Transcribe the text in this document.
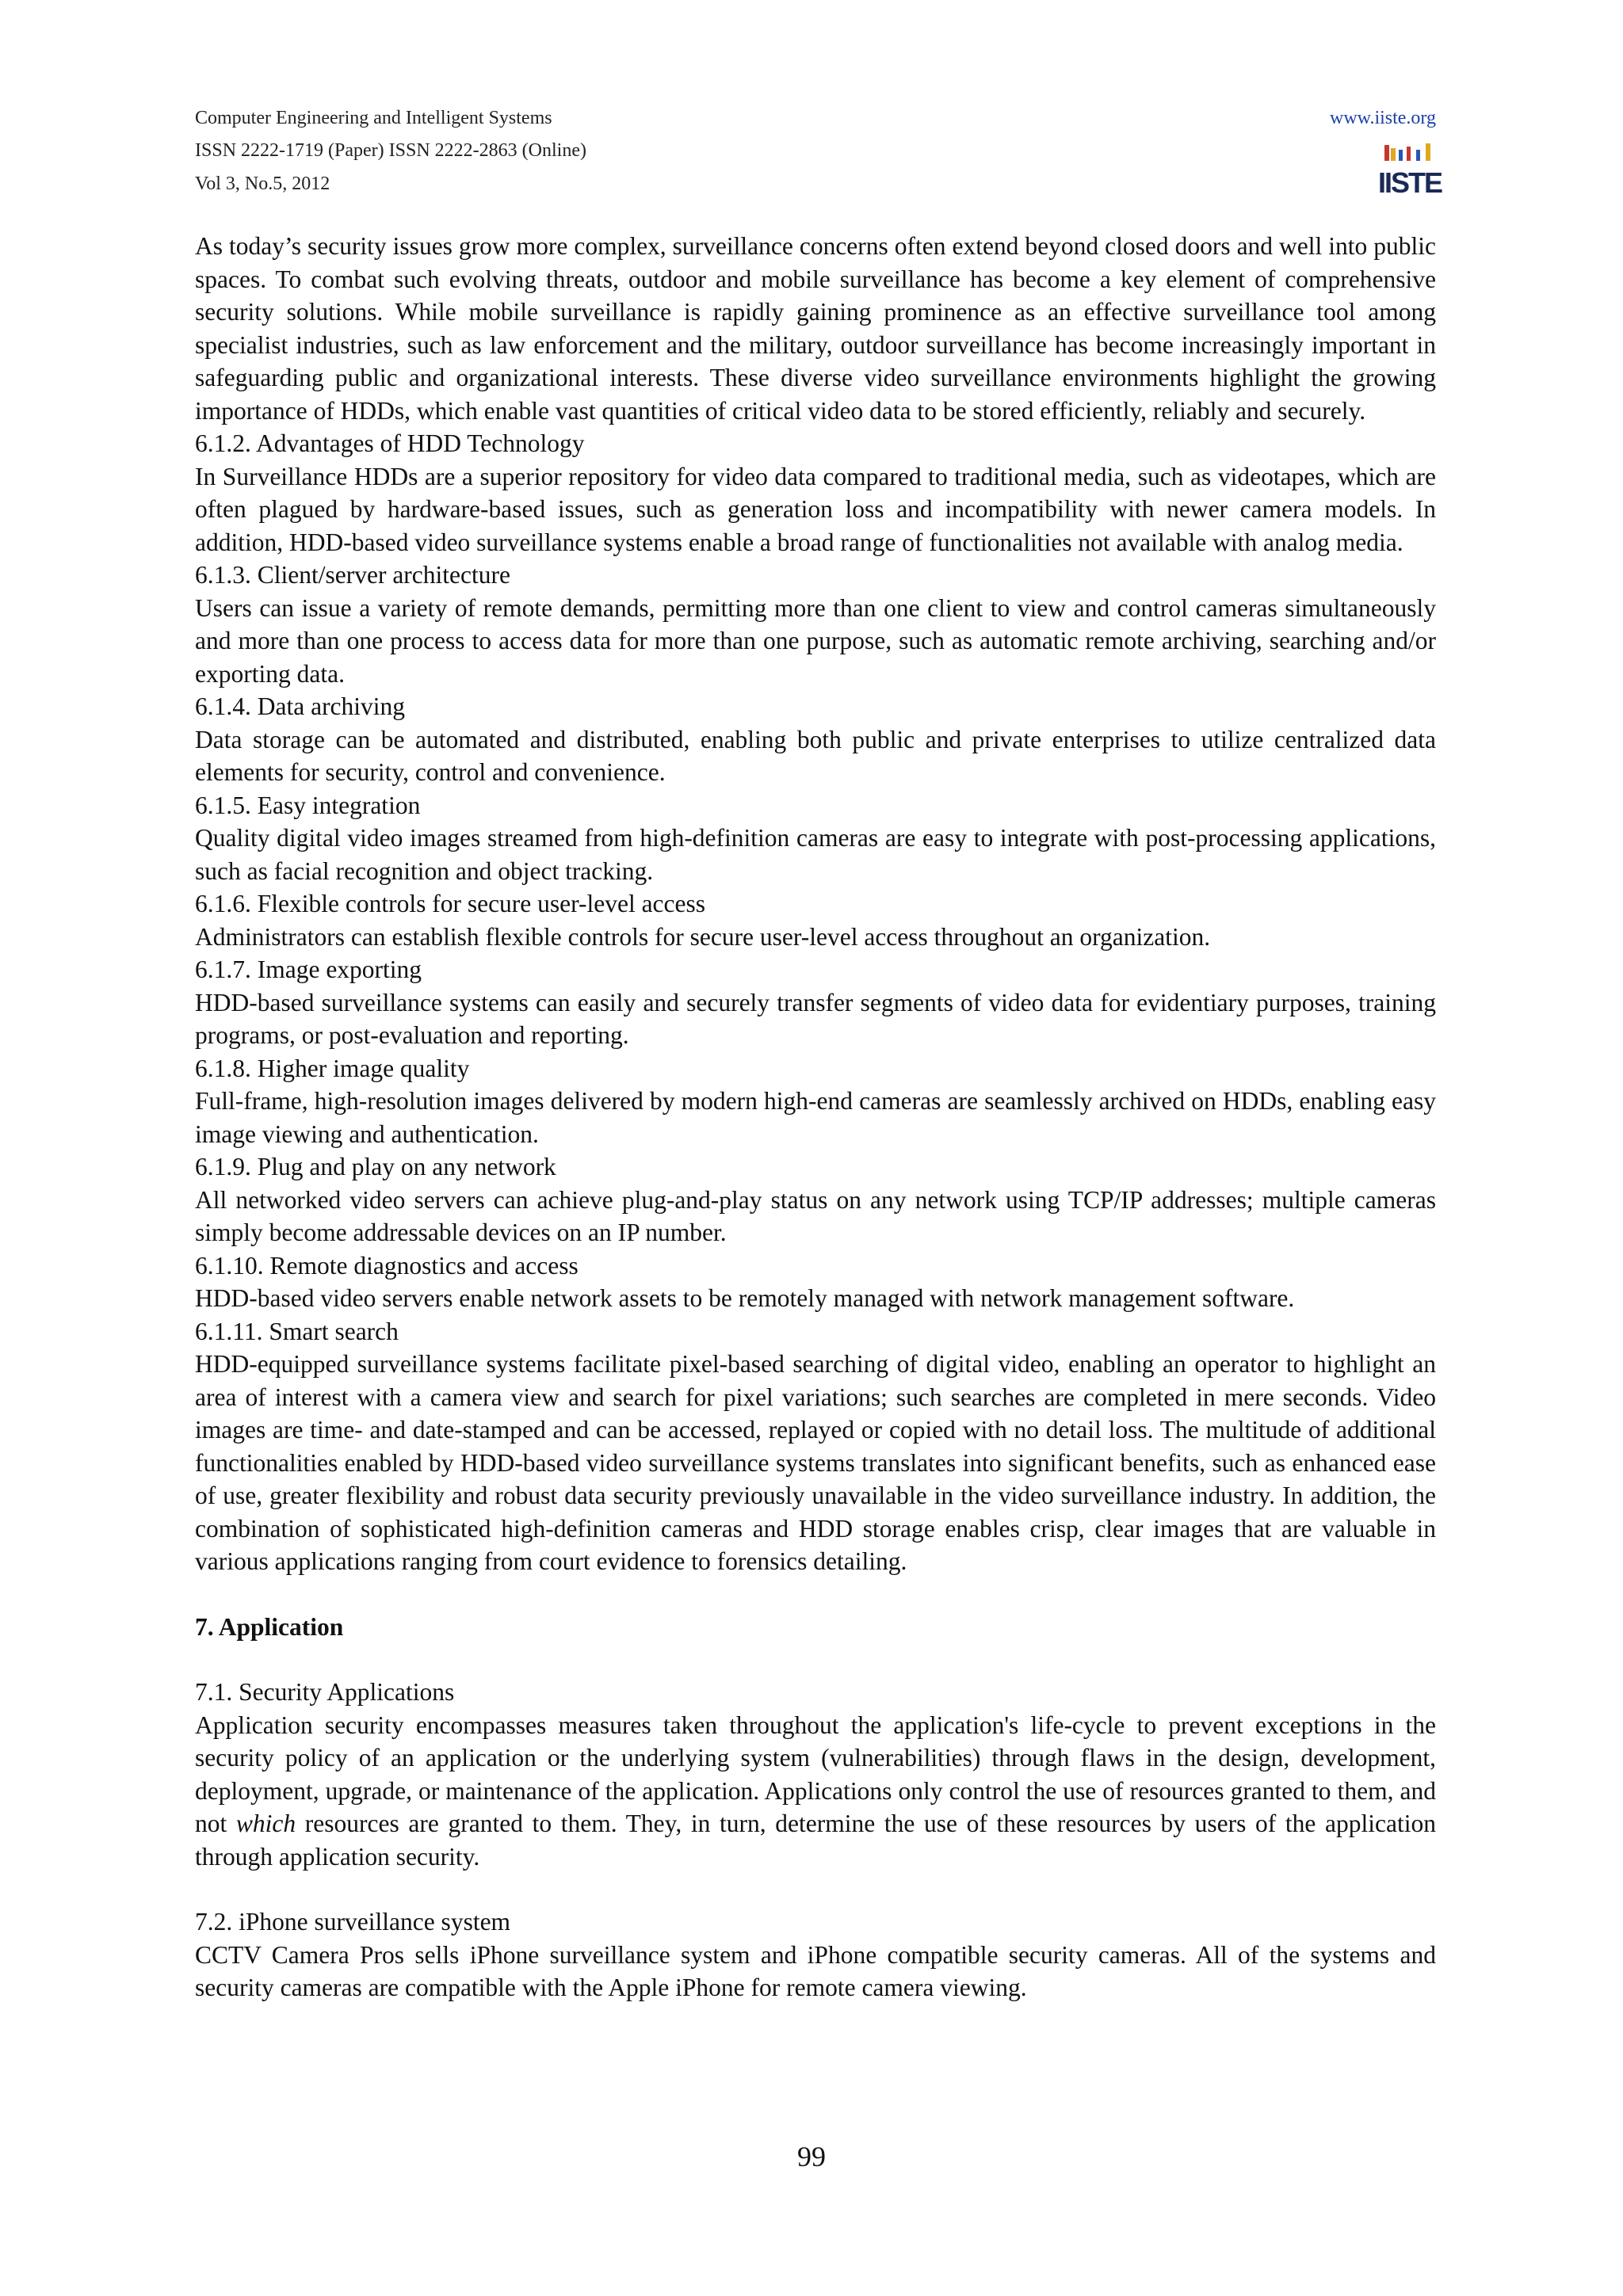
Computer Engineering and Intelligent Systems
ISSN 2222-1719 (Paper) ISSN 2222-2863 (Online)
Vol 3, No.5, 2012
www.iiste.org
IISTE

As today’s security issues grow more complex, surveillance concerns often extend beyond closed doors and well into public spaces. To combat such evolving threats, outdoor and mobile surveillance has become a key element of comprehensive security solutions. While mobile surveillance is rapidly gaining prominence as an effective surveillance tool among specialist industries, such as law enforcement and the military, outdoor surveillance has become increasingly important in safeguarding public and organizational interests. These diverse video surveillance environments highlight the growing importance of HDDs, which enable vast quantities of critical video data to be stored efficiently, reliably and securely.

6.1.2. Advantages of HDD Technology

In Surveillance HDDs are a superior repository for video data compared to traditional media, such as videotapes, which are often plagued by hardware-based issues, such as generation loss and incompatibility with newer camera models. In addition, HDD-based video surveillance systems enable a broad range of functionalities not available with analog media.

6.1.3. Client/server architecture

Users can issue a variety of remote demands, permitting more than one client to view and control cameras simultaneously and more than one process to access data for more than one purpose, such as automatic remote archiving, searching and/or exporting data.

6.1.4. Data archiving

Data storage can be automated and distributed, enabling both public and private enterprises to utilize centralized data elements for security, control and convenience.

6.1.5. Easy integration

Quality digital video images streamed from high-definition cameras are easy to integrate with post-processing applications, such as facial recognition and object tracking.

6.1.6. Flexible controls for secure user-level access

Administrators can establish flexible controls for secure user-level access throughout an organization.

6.1.7. Image exporting

HDD-based surveillance systems can easily and securely transfer segments of video data for evidentiary purposes, training programs, or post-evaluation and reporting.

6.1.8. Higher image quality

Full-frame, high-resolution images delivered by modern high-end cameras are seamlessly archived on HDDs, enabling easy image viewing and authentication.

6.1.9. Plug and play on any network

All networked video servers can achieve plug-and-play status on any network using TCP/IP addresses; multiple cameras simply become addressable devices on an IP number.

6.1.10. Remote diagnostics and access

HDD-based video servers enable network assets to be remotely managed with network management software.

6.1.11. Smart search

HDD-equipped surveillance systems facilitate pixel-based searching of digital video, enabling an operator to highlight an area of interest with a camera view and search for pixel variations; such searches are completed in mere seconds. Video images are time- and date-stamped and can be accessed, replayed or copied with no detail loss. The multitude of additional functionalities enabled by HDD-based video surveillance systems translates into significant benefits, such as enhanced ease of use, greater flexibility and robust data security previously unavailable in the video surveillance industry. In addition, the combination of sophisticated high-definition cameras and HDD storage enables crisp, clear images that are valuable in various applications ranging from court evidence to forensics detailing.

7. Application

7.1. Security Applications

Application security encompasses measures taken throughout the application's life-cycle to prevent exceptions in the security policy of an application or the underlying system (vulnerabilities) through flaws in the design, development, deployment, upgrade, or maintenance of the application. Applications only control the use of resources granted to them, and not which resources are granted to them. They, in turn, determine the use of these resources by users of the application through application security.

7.2. iPhone surveillance system

CCTV Camera Pros sells iPhone surveillance system and iPhone compatible security cameras. All of the systems and security cameras are compatible with the Apple iPhone for remote camera viewing.

99
